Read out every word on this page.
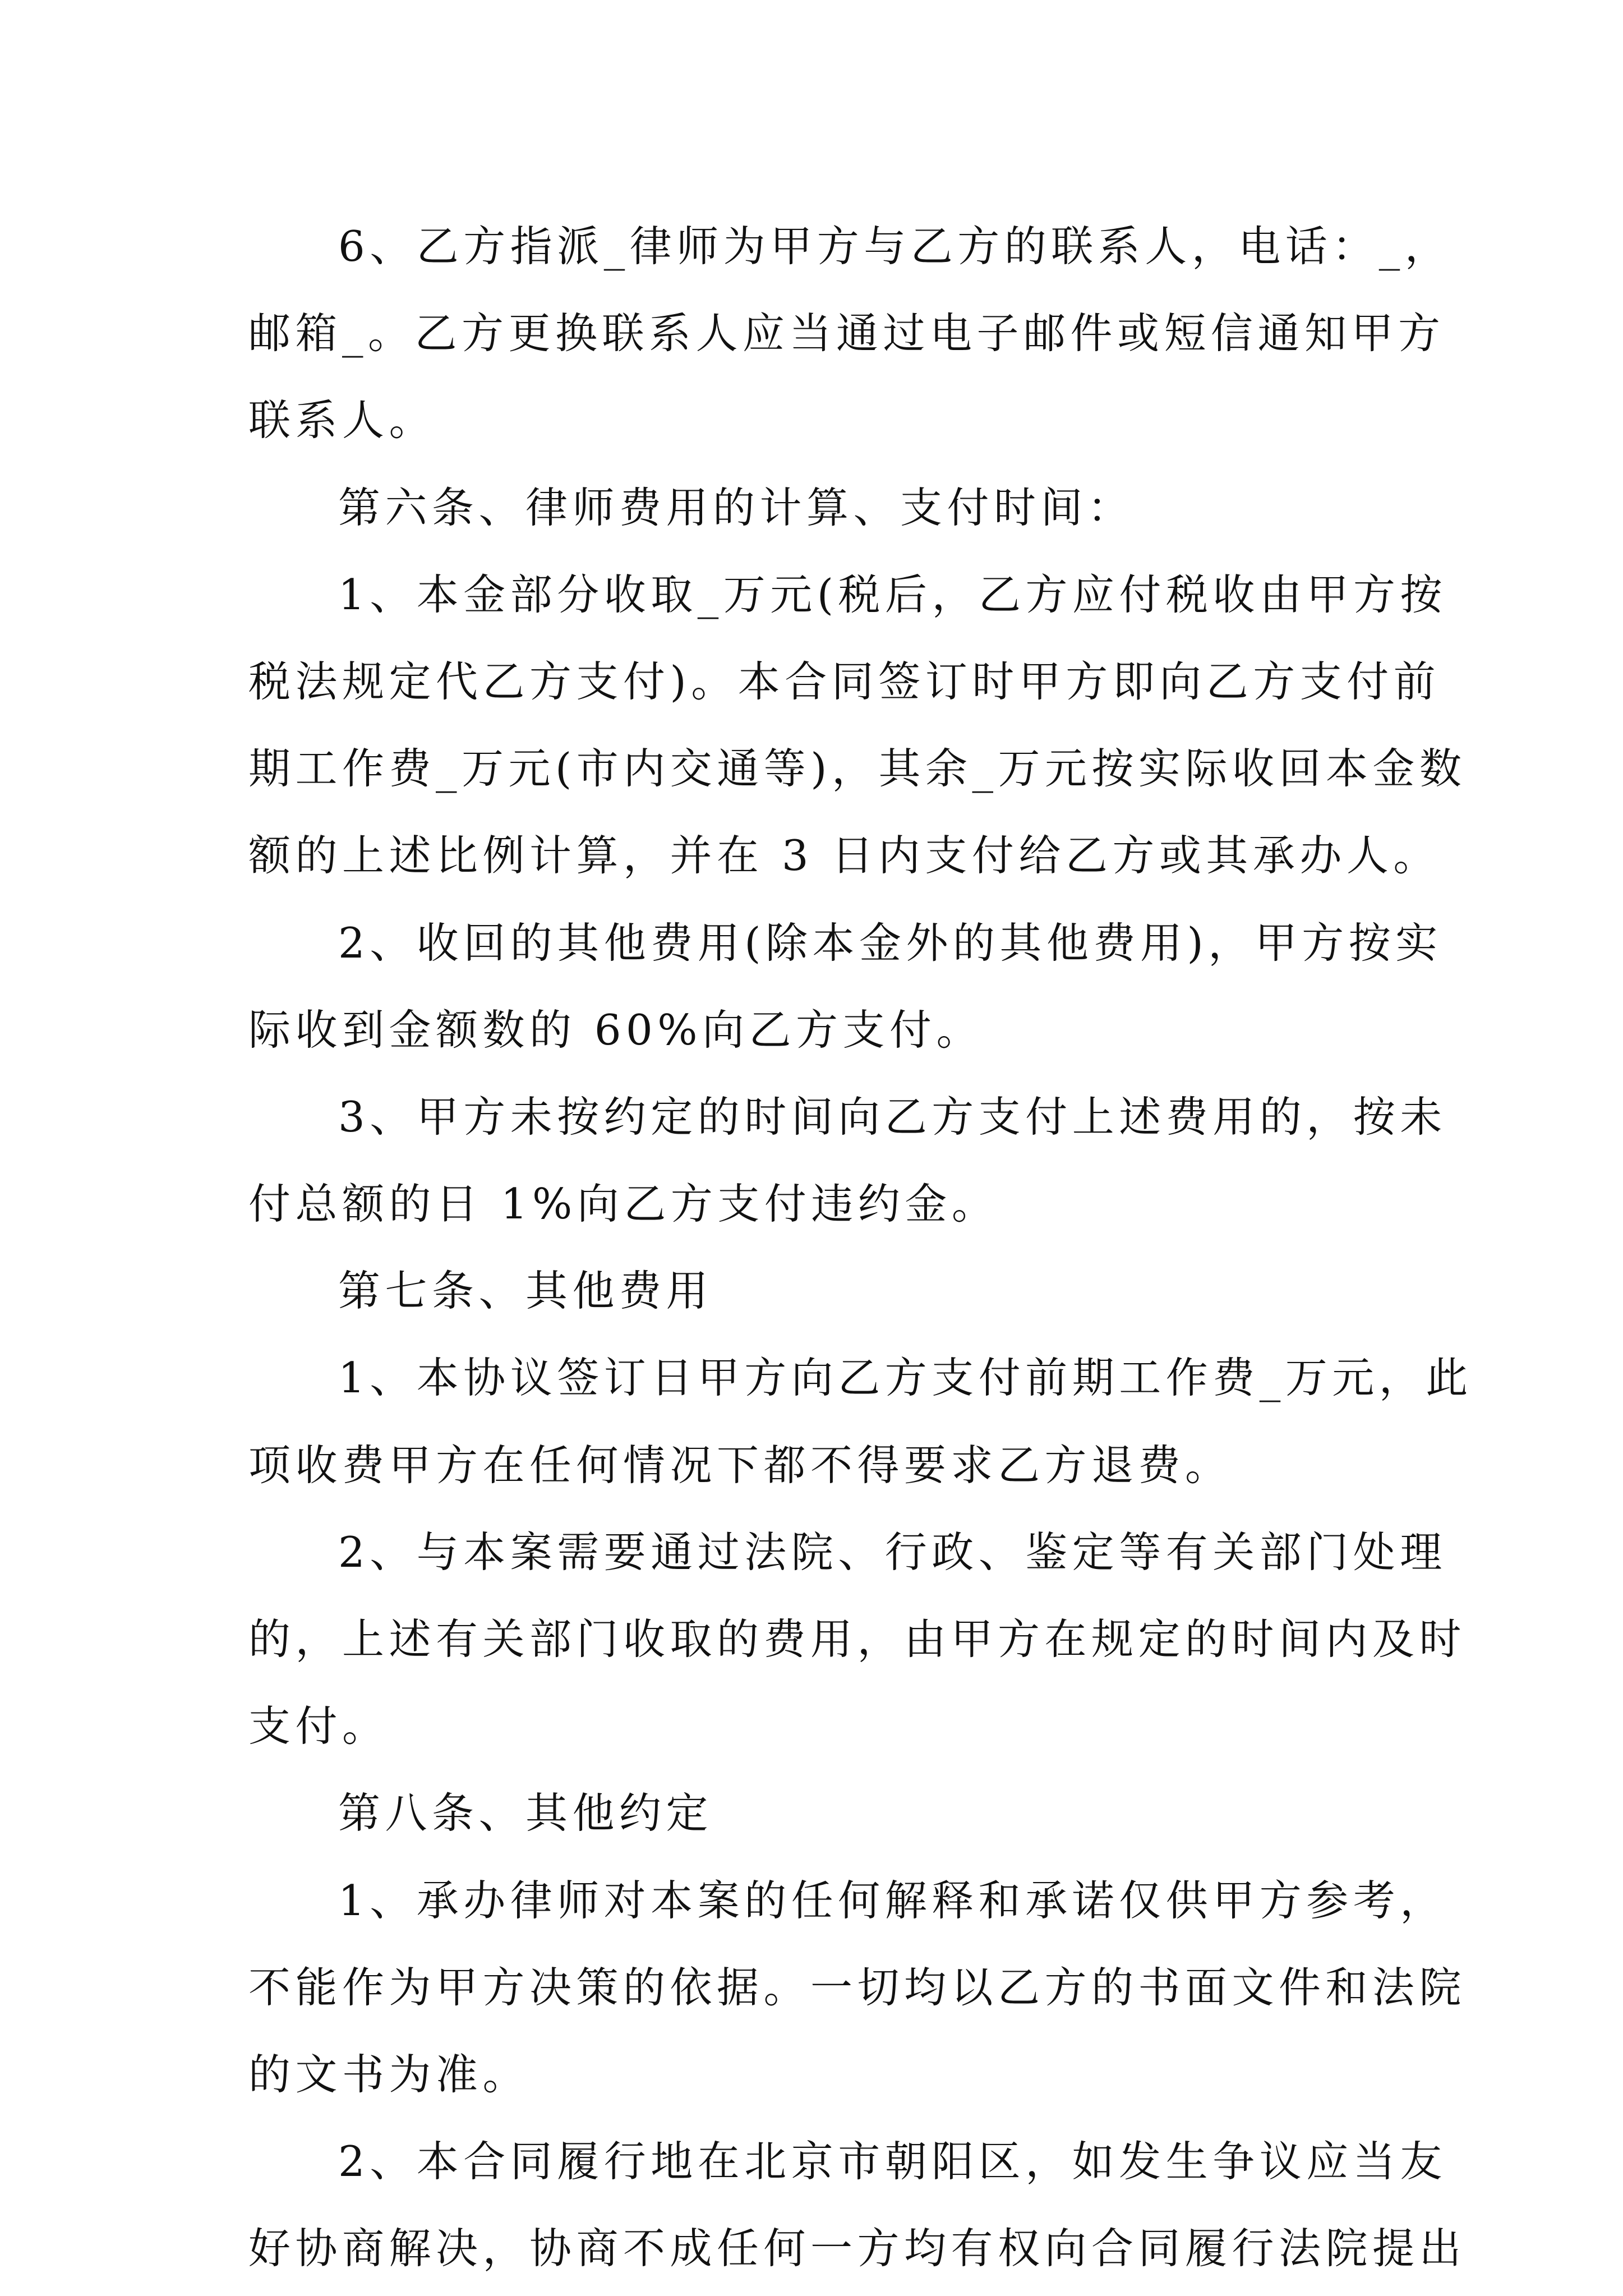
6、乙方指派_律师为甲方与乙方的联系人，电话：_，
邮箱_。乙方更换联系人应当通过电子邮件或短信通知甲方
联系人。
第六条、律师费用的计算、支付时间：
1、本金部分收取_万元(税后，乙方应付税收由甲方按
税法规定代乙方支付)。本合同签订时甲方即向乙方支付前
期工作费_万元(市内交通等)，其余_万元按实际收回本金数
额的上述比例计算，并在 3 日内支付给乙方或其承办人。
2、收回的其他费用(除本金外的其他费用)，甲方按实
际收到金额数的 60%向乙方支付。
3、甲方未按约定的时间向乙方支付上述费用的，按未
付总额的日 1%向乙方支付违约金。
第七条、其他费用
1、本协议签订日甲方向乙方支付前期工作费_万元，此
项收费甲方在任何情况下都不得要求乙方退费。
2、与本案需要通过法院、行政、鉴定等有关部门处理
的，上述有关部门收取的费用，由甲方在规定的时间内及时
支付。
第八条、其他约定
1、承办律师对本案的任何解释和承诺仅供甲方参考，
不能作为甲方决策的依据。一切均以乙方的书面文件和法院
的文书为准。
2、本合同履行地在北京市朝阳区，如发生争议应当友
好协商解决，协商不成任何一方均有权向合同履行法院提出
